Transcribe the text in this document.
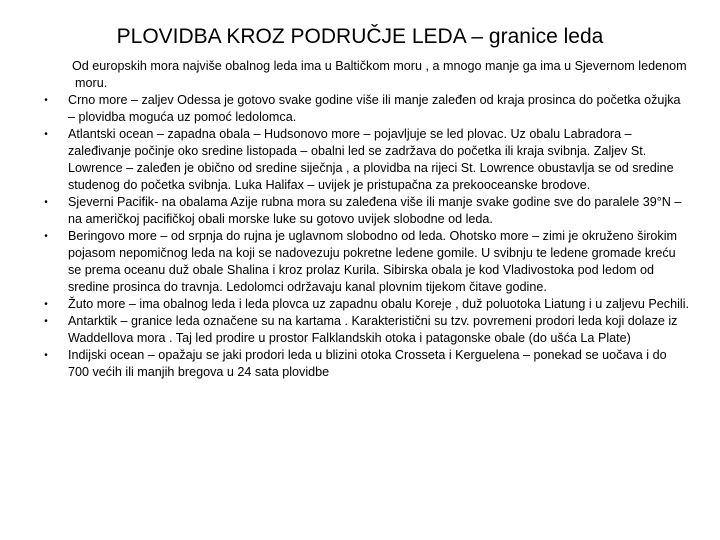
PLOVIDBA KROZ PODRUČJE LEDA – granice leda

Od europskih mora najviše obalnog leda ima u Baltičkom moru , a mnogo manje ga ima u Sjevernom ledenom moru.

•	Crno more – zaljev Odessa je gotovo svake godine više ili manje zaleđen od kraja prosinca do početka ožujka – plovidba moguća uz pomoć ledolomca.
•	Atlantski ocean – zapadna obala – Hudsonovo more – pojavljuje se led plovac. Uz obalu Labradora – zaleđivanje počinje oko sredine listopada – obalni led se zadržava do početka ili kraja svibnja. Zaljev St. Lowrence – zaleđen je obično od sredine siječnja , a plovidba na rijeci St. Lowrence obustavlja se od sredine studenog do početka svibnja. Luka Halifax – uvijek je pristupačna za prekooceanske brodove.
•	Sjeverni Pacifik- na obalama Azije rubna mora su zaleđena više ili manje svake godine sve do paralele 39°N – na američkoj pacifičkoj obali morske luke su gotovo uvijek slobodne od leda.
•	Beringovo more – od srpnja do rujna je uglavnom slobodno od leda. Ohotsko more – zimi je okruženo širokim pojasom nepomičnog leda na koji se nadovezuju pokretne ledene gomile. U svibnju te ledene gromade kreću se prema oceanu duž obale Shalina i kroz prolaz Kurila. Sibirska obala je kod Vladivostoka pod ledom od sredine prosinca do travnja. Ledolomci održavaju kanal plovnim tijekom čitave godine.
•	Žuto more – ima obalnog leda i leda plovca uz zapadnu obalu Koreje , duž poluotoka Liatung i u zaljevu Pechili.
•	Antarktik – granice leda označene su na kartama . Karakteristični su tzv. povremeni prodori leda koji dolaze iz Waddellova mora . Taj led prodire u prostor Falklandskih otoka i patagonske obale (do ušća La Plate)
•	Indijski ocean – opažaju se jaki prodori leda u blizini otoka Crosseta i Kerguelena – ponekad se uočava i do 700 većih ili manjih bregova u 24 sata plovidbe
